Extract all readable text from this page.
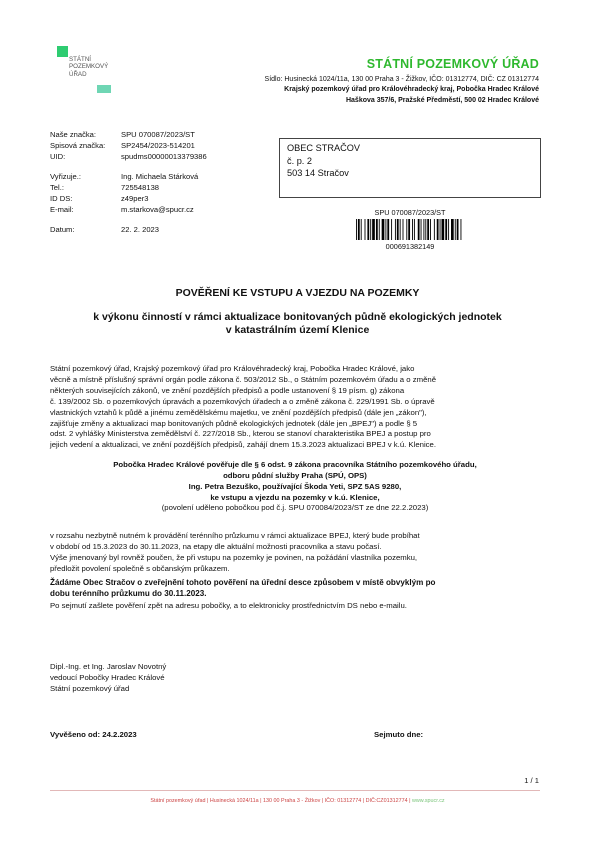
STÁTNÍ
POZEMKOVÝ
ÚŘAD
STÁTNÍ POZEMKOVÝ ÚŘAD
Sídlo: Husinecká 1024/11a, 130 00 Praha 3 - Žižkov, IČO: 01312774, DIČ: CZ 01312774
Krajský pozemkový úřad pro Královéhradecký kraj, Pobočka Hradec Králové
Haškova 357/6, Pražské Předměstí, 500 02 Hradec Králové
Naše značka:	SPU 070087/2023/ST
Spisová značka: SP2454/2023-514201
UID:	spudms00000013379386
Vyřizuje.:	Ing. Michaela Stárková
Tel.:	725548138
ID DS:	z49per3
E-mail:	m.starkova@spucr.cz
Datum:	22. 2. 2023
OBEC STRAČOV
č. p. 2
503 14 Stračov
SPU 070087/2023/ST
000691382149
POVĚŘENÍ KE VSTUPU A VJEZDU NA POZEMKY
k výkonu činností v rámci aktualizace bonitovaných půdně ekologických jednotek
v katastrálním území Klenice
Státní pozemkový úřad, Krajský pozemkový úřad pro Královéhradecký kraj, Pobočka Hradec Králové, jako
věcně a místně příslušný správní orgán podle zákona č. 503/2012 Sb., o Státním pozemkovém úřadu a o změně
některých souvisejících zákonů, ve znění pozdějších předpisů a podle ustanovení § 19 písm. g) zákona
č. 139/2002 Sb. o pozemkových úpravách a pozemkových úřadech a o změně zákona č. 229/1991 Sb. o úpravě
vlastnických vztahů k půdě a jinému zemědělskému majetku, ve znění pozdějších předpisů (dále jen „zákon"),
zajišťuje změny a aktualizaci map bonitovaných půdně ekologických jednotek (dále jen „BPEJ") a podle § 5
odst. 2 vyhlášky Ministerstva zemědělství č. 227/2018 Sb., kterou se stanoví charakteristika BPEJ a postup pro
jejich vedení a aktualizaci, ve znění pozdějších předpisů, zahájí dnem 15.3.2023 aktualizaci BPEJ v k.ú. Klenice.
Pobočka Hradec Králové pověřuje dle § 6 odst. 9 zákona pracovníka Státního pozemkového úřadu,
odboru půdní služby Praha (SPÚ, OPS)
Ing. Petra Bezuško, používající Škoda Yeti, SPZ 5AS 9280,
ke vstupu a vjezdu na pozemky v k.ú. Klenice,
(povolení uděleno pobočkou pod č.j. SPU 070084/2023/ST ze dne 22.2.2023)
v rozsahu nezbytně nutném k provádění terénního průzkumu v rámci aktualizace BPEJ, který bude probíhat
v období od 15.3.2023 do 30.11.2023, na etapy dle aktuální možnosti pracovníka a stavu počasí.
Výše jmenovaný byl rovněž poučen, že při vstupu na pozemky je povinen, na požádání vlastníka pozemku,
předložit povolení společně s občanským průkazem.
Žádáme Obec Stračov o zveřejnění tohoto pověření na úřední desce způsobem v místě obvyklým po
dobu terénního průzkumu do 30.11.2023.
Po sejmutí zašlete pověření zpět na adresu pobočky, a to elektronicky prostřednictvím DS nebo e-mailu.
Dipl.-Ing. et Ing. Jaroslav Novotný
vedoucí Pobočky Hradec Králové
Státní pozemkový úřad
Vyvěšeno od: 24.2.2023	Sejmuto dne:
1 / 1
Státní pozemkový úřad | Husinecká 1024/11a | 130 00 Praha 3 - Žižkov | IČO: 01312774 | DIČ:CZ01312774 | www.spucr.cz
